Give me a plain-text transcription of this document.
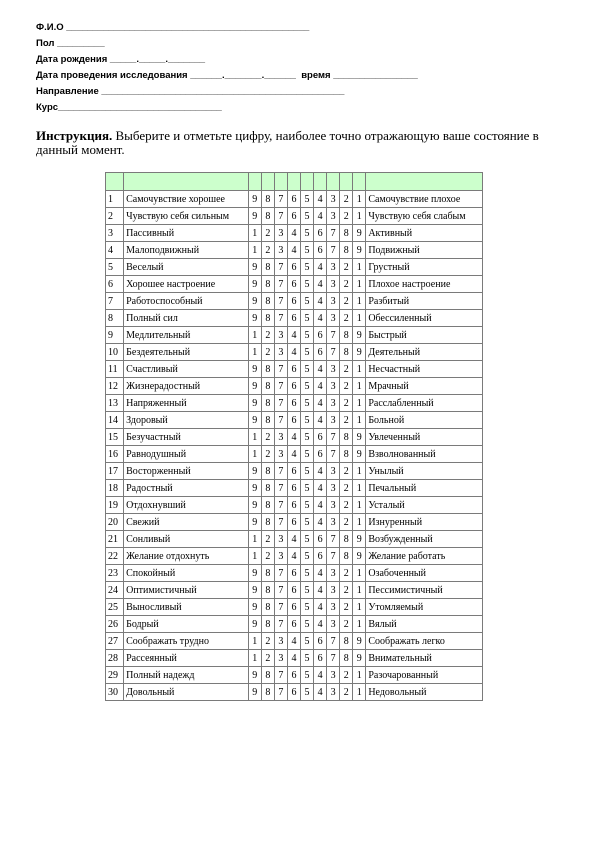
Ф.И.О ______________________________________________
Пол _________
Дата рождения _____._____._______
Дата проведения исследования ______._______.______  время ________________
Направление ______________________________________________
Курс_______________________________
Инструкция. Выберите и отметьте цифру, наиболее точно отражающую ваше состояние в данный момент.

1	Самочувствие хорошее	9	8	7	6	5	4	3	2	1	Самочувствие плохое
2	Чувствую себя сильным	9	8	7	6	5	4	3	2	1	Чувствую себя слабым
3	Пассивный	1	2	3	4	5	6	7	8	9	Активный
4	Малоподвижный	1	2	3	4	5	6	7	8	9	Подвижный
5	Веселый	9	8	7	6	5	4	3	2	1	Грустный
6	Хорошее настроение	9	8	7	6	5	4	3	2	1	Плохое настроение
7	Работоспособный	9	8	7	6	5	4	3	2	1	Разбитый
8	Полный сил	9	8	7	6	5	4	3	2	1	Обессиленный
9	Медлительный	1	2	3	4	5	6	7	8	9	Быстрый
10	Бездеятельный	1	2	3	4	5	6	7	8	9	Деятельный
11	Счастливый	9	8	7	6	5	4	3	2	1	Несчастный
12	Жизнерадостный	9	8	7	6	5	4	3	2	1	Мрачный
13	Напряженный	9	8	7	6	5	4	3	2	1	Расслабленный
14	Здоровый	9	8	7	6	5	4	3	2	1	Больной
15	Безучастный	1	2	3	4	5	6	7	8	9	Увлеченный
16	Равнодушный	1	2	3	4	5	6	7	8	9	Взволнованный
17	Восторженный	9	8	7	6	5	4	3	2	1	Унылый
18	Радостный	9	8	7	6	5	4	3	2	1	Печальный
19	Отдохнувший	9	8	7	6	5	4	3	2	1	Усталый
20	Свежий	9	8	7	6	5	4	3	2	1	Изнуренный
21	Сонливый	1	2	3	4	5	6	7	8	9	Возбужденный
22	Желание отдохнуть	1	2	3	4	5	6	7	8	9	Желание работать
23	Спокойный	9	8	7	6	5	4	3	2	1	Озабоченный
24	Оптимистичный	9	8	7	6	5	4	3	2	1	Пессимистичный
25	Выносливый	9	8	7	6	5	4	3	2	1	Утомляемый
26	Бодрый	9	8	7	6	5	4	3	2	1	Вялый
27	Соображать трудно	1	2	3	4	5	6	7	8	9	Соображать легко
28	Рассеянный	1	2	3	4	5	6	7	8	9	Внимательный
29	Полный надежд	9	8	7	6	5	4	3	2	1	Разочарованный
30	Довольный	9	8	7	6	5	4	3	2	1	Недовольный
